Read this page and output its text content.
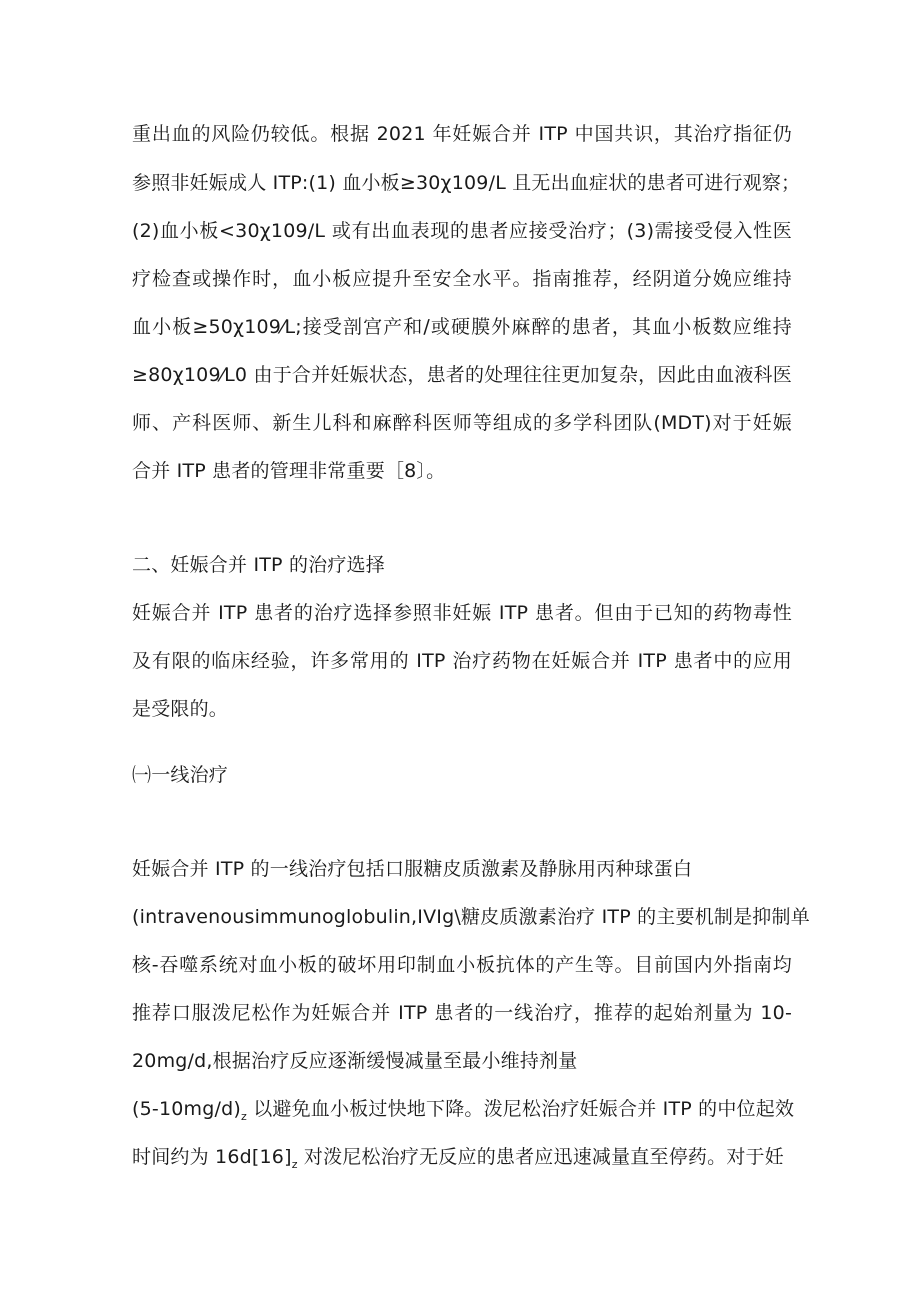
重出血的风险仍较低。根据 2021 年妊娠合并 ITP 中国共识，其治疗指征仍
参照非妊娠成人 ITP:(1) 血小板≥30χ109/L 且无出血症状的患者可进行观察；
(2)血小板<30χ109/L 或有出血表现的患者应接受治疗；(3)需接受侵入性医
疗检查或操作时，血小板应提升至安全水平。指南推荐，经阴道分娩应维持
血小板≥50χ109⁄L;接受剖宫产和∕或硬膜外麻醉的患者，其血小板数应维持
≥80χ109⁄L0 由于合并妊娠状态，患者的处理往往更加复杂，因此由血液科医
师、产科医师、新生儿科和麻醉科医师等组成的多学科团队(MDT)对于妊娠
合并 ITP 患者的管理非常重要［8〕。
二、妊娠合并 ITP 的治疗选择
妊娠合并 ITP 患者的治疗选择参照非妊娠 ITP 患者。但由于已知的药物毒性
及有限的临床经验，许多常用的 ITP 治疗药物在妊娠合并 ITP 患者中的应用
是受限的。
㈠一线治疗
妊娠合并 ITP 的一线治疗包括口服糖皮质激素及静脉用丙种球蛋白
(intravenousimmunoglobulin,IVIg\糖皮质激素治疗 ITP 的主要机制是抑制单
核-吞噬系统对血小板的破坏用印制血小板抗体的产生等。目前国内外指南均
推荐口服泼尼松作为妊娠合并 ITP 患者的一线治疗，推荐的起始剂量为 10-
20mg/d,根据治疗反应逐渐缓慢减量至最小维持剂量
$(5-10mg/d)_z$ 以避免血小板过快地下降。泼尼松治疗妊娠合并 ITP 的中位起效
时间约为 $16d[16]_z$ 对泼尼松治疗无反应的患者应迅速减量直至停药。对于妊
